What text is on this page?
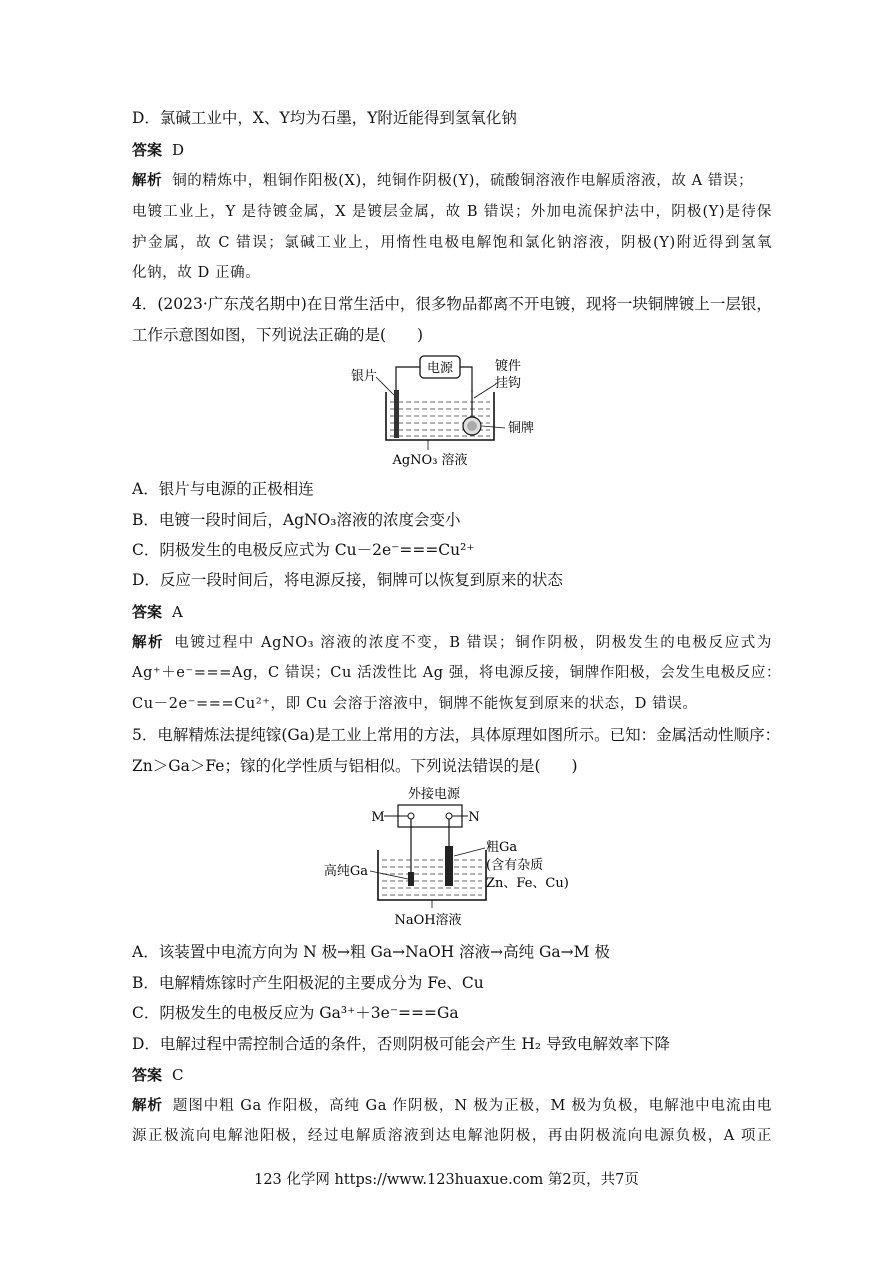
D．氯碱工业中，X、Y均为石墨，Y附近能得到氢氧化钠
答案 D
解析 铜的精炼中，粗铜作阳极(X)，纯铜作阴极(Y)，硫酸铜溶液作电解质溶液，故 A 错误；
电镀工业上，Y 是待镀金属，X 是镀层金属，故 B 错误；外加电流保护法中，阴极(Y)是待保
护金属，故 C 错误；氯碱工业上，用惰性电极电解饱和氯化钠溶液，阴极(Y)附近得到氢氧
化钠，故 D 正确。
4．(2023·广东茂名期中)在日常生活中，很多物品都离不开电镀，现将一块铜牌镀上一层银，
工作示意图如图，下列说法正确的是(　　)
电源
银片
镀件
挂钩
铜牌
AgNO₃ 溶液
A．银片与电源的正极相连
B．电镀一段时间后，AgNO₃溶液的浓度会变小
C．阴极发生的电极反应式为 Cu－2e⁻===Cu²⁺
D．反应一段时间后，将电源反接，铜牌可以恢复到原来的状态
答案 A
解析 电镀过程中 AgNO₃ 溶液的浓度不变，B 错误；铜作阴极，阴极发生的电极反应式为
Ag⁺＋e⁻===Ag，C 错误；Cu 活泼性比 Ag 强，将电源反接，铜牌作阳极，会发生电极反应：
Cu－2e⁻===Cu²⁺，即 Cu 会溶于溶液中，铜牌不能恢复到原来的状态，D 错误。
5．电解精炼法提纯镓(Ga)是工业上常用的方法，具体原理如图所示。已知：金属活动性顺序：
Zn＞Ga＞Fe；镓的化学性质与铝相似。下列说法错误的是(　　)
外接电源
M	N
高纯Ga
粗Ga
(含有杂质
Zn、Fe、Cu)
NaOH溶液
A．该装置中电流方向为 N 极→粗 Ga→NaOH 溶液→高纯 Ga→M 极
B．电解精炼镓时产生阳极泥的主要成分为 Fe、Cu
C．阴极发生的电极反应为 Ga³⁺＋3e⁻===Ga
D．电解过程中需控制合适的条件，否则阴极可能会产生 H₂ 导致电解效率下降
答案 C
解析 题图中粗 Ga 作阳极，高纯 Ga 作阴极，N 极为正极，M 极为负极，电解池中电流由电
源正极流向电解池阳极，经过电解质溶液到达电解池阴极，再由阴极流向电源负极，A 项正
123 化学网 https://www.123huaxue.com 第2页，共7页
